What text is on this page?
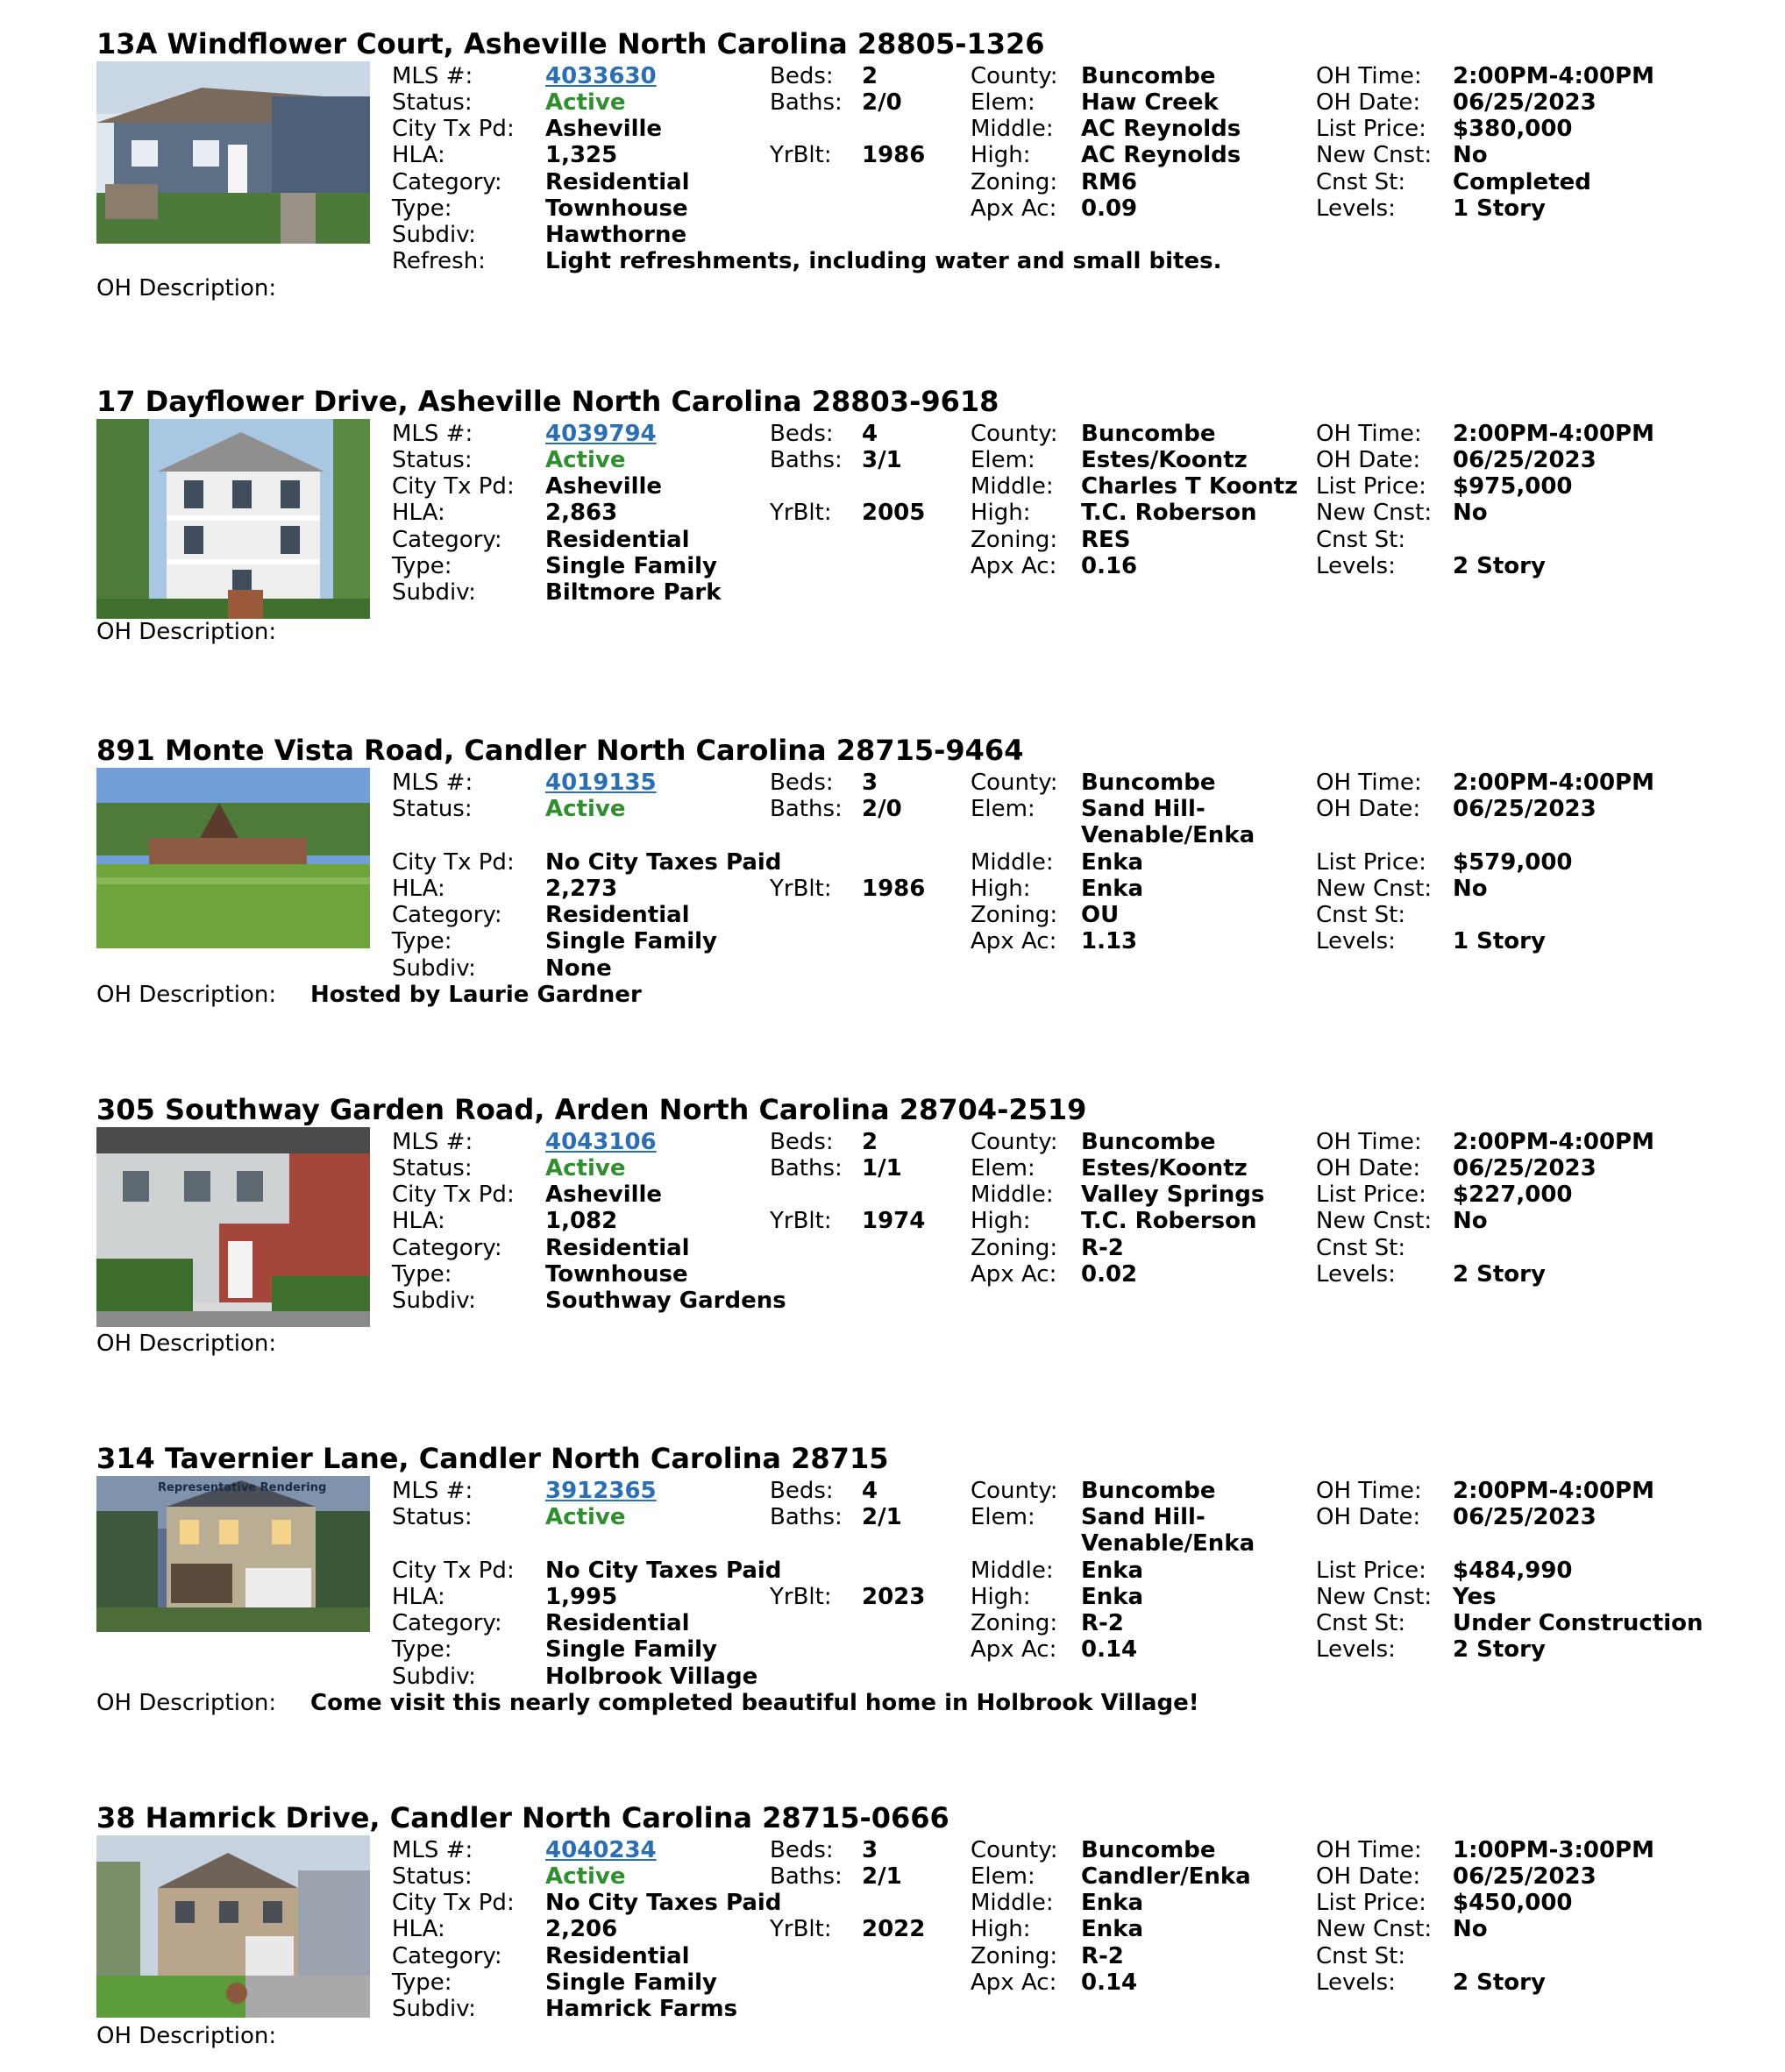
13A Windflower Court, Asheville North Carolina 28805-1326
MLS #:	4033630
Status:	Active
City Tx Pd: Asheville
HLA:	1,325
Category: Residential
Type:	Townhouse
Subdiv:	Hawthorne
Refresh:	Light refreshments, including water and small bites.
OH Description:
Beds: 2
Baths: 2/0
YrBlt: 1986
County: Buncombe
Elem: Haw Creek
Middle: AC Reynolds
High: AC Reynolds
Zoning: RM6
Apx Ac: 0.09
OH Time: 2:00PM-4:00PM
OH Date: 06/25/2023
List Price: $380,000
New Cnst: No
Cnst St: Completed
Levels:	1 Story
17 Dayflower Drive, Asheville North Carolina 28803-9618
MLS #:	4039794
Status:	Active
City Tx Pd: Asheville
HLA:	2,863
Category: Residential
Type:	Single Family
Subdiv:	Biltmore Park
OH Description:
Beds: 4
Baths: 3/1
YrBlt: 2005
County: Buncombe
Elem: Estes/Koontz
Middle: Charles T Koontz
High: T.C. Roberson
Zoning: RES
Apx Ac: 0.16
OH Time: 2:00PM-4:00PM
OH Date: 06/25/2023
List Price: $975,000
New Cnst: No
Cnst St:
Levels:	2 Story
891 Monte Vista Road, Candler North Carolina 28715-9464
MLS #:	4019135
Status:	Active
City Tx Pd: No City Taxes Paid
HLA:	2,273
Category: Residential
Type:	Single Family
Subdiv:	None
OH Description: Hosted by Laurie Gardner
Beds: 3
Baths: 2/0
YrBlt: 1986
County: Buncombe
Elem: Sand Hill-Venable/Enka
Middle: Enka
High: Enka
Zoning: OU
Apx Ac: 1.13
OH Time: 2:00PM-4:00PM
OH Date: 06/25/2023
List Price: $579,000
New Cnst: No
Cnst St:
Levels:	1 Story
305 Southway Garden Road, Arden North Carolina 28704-2519
MLS #:	4043106
Status:	Active
City Tx Pd: Asheville
HLA:	1,082
Category: Residential
Type:	Townhouse
Subdiv:	Southway Gardens
OH Description:
Beds: 2
Baths: 1/1
YrBlt: 1974
County: Buncombe
Elem: Estes/Koontz
Middle: Valley Springs
High: T.C. Roberson
Zoning: R-2
Apx Ac: 0.02
OH Time: 2:00PM-4:00PM
OH Date: 06/25/2023
List Price: $227,000
New Cnst: No
Cnst St:
Levels:	2 Story
314 Tavernier Lane, Candler North Carolina 28715
Representative Rendering	MLS #:	3912365
Status:	Active
City Tx Pd: No City Taxes Paid
HLA:	1,995
Category: Residential
Type:	Single Family
Subdiv:	Holbrook Village
OH Description: Come visit this nearly completed beautiful home in Holbrook Village!
Beds: 4
Baths: 2/1
YrBlt: 2023
County: Buncombe
Elem: Sand Hill-Venable/Enka
Middle: Enka
High: Enka
Zoning: R-2
Apx Ac: 0.14
OH Time: 2:00PM-4:00PM
OH Date: 06/25/2023
List Price: $484,990
New Cnst: Yes
Cnst St: Under Construction
Levels:	2 Story
38 Hamrick Drive, Candler North Carolina 28715-0666
MLS #:	4040234
Status:	Active
City Tx Pd: No City Taxes Paid
HLA:	2,206
Category: Residential
Type:	Single Family
Subdiv:	Hamrick Farms
OH Description:
Beds: 3
Baths: 2/1
YrBlt: 2022
County: Buncombe
Elem: Candler/Enka
Middle: Enka
High: Enka
Zoning: R-2
Apx Ac: 0.14
OH Time: 1:00PM-3:00PM
OH Date: 06/25/2023
List Price: $450,000
New Cnst: No
Cnst St:
Levels:	2 Story
